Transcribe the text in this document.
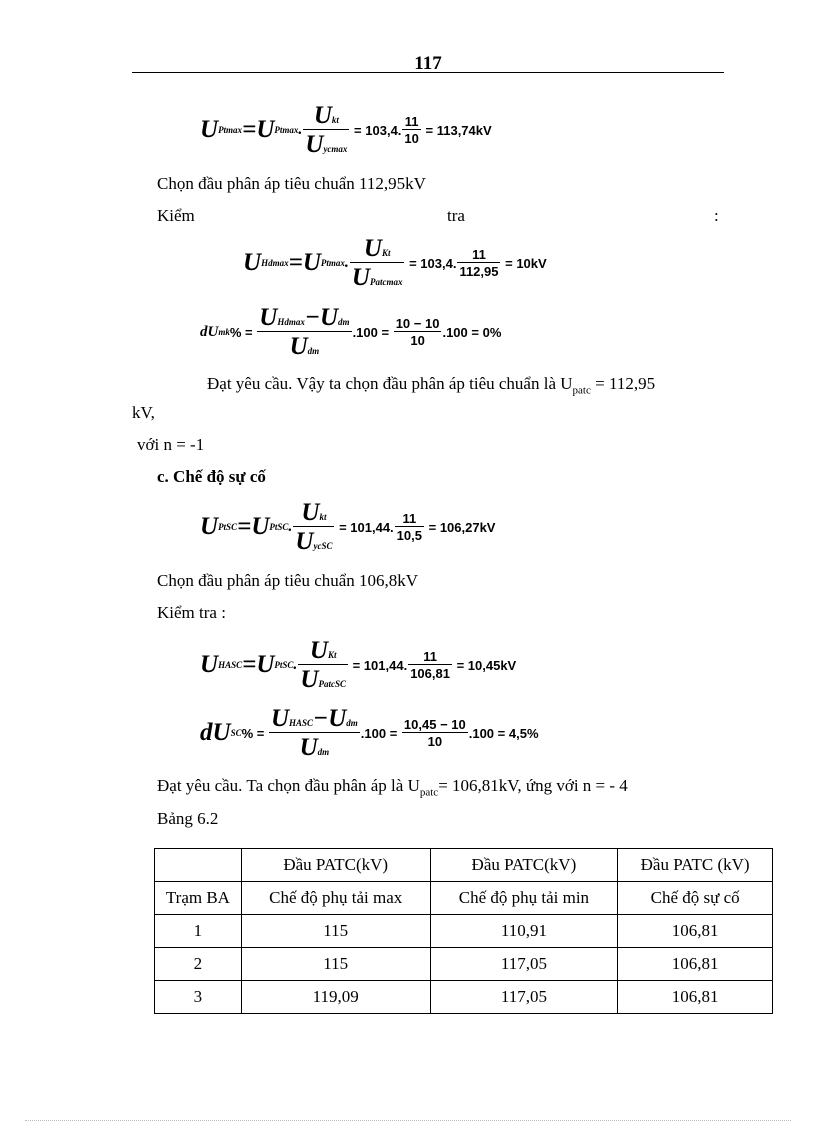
117
U Ptmax = U Ptmax . $\frac{\text{Ukt}}{\text{Uycmax}} = 103,4$. $\frac{11}{10} = 113,74kV$
Chọn đầu phân áp tiêu chuẩn 112,95kV
Kiểm	tra	:
U Hdmax = U Ptmax . $\frac{\text{UKt}}{\text{UPatcmax}} = 103,4$. $\frac{11}{112,95} = 10kV$
dU mk % = $\frac{\text{UHdmax−Udm}}{\text{Udm}} .100 = \frac{10 - 10}{10} .100 = 0\%$
Đạt yêu cầu. Vậy ta chọn đầu phân áp tiêu chuẩn là $U_{patc} = 112,95$
kV,
với n = -1
c. Chế độ sự cố
U PtSC = U PtSC . $\frac{\text{Ukt}}{\text{UycSC}} = 101,44$. $\frac{11}{10,5} = 106,27kV$
Chọn đầu phân áp tiêu chuẩn 106,8kV
Kiểm tra :
U HASC = U PtSC . $\frac{\text{UKt}}{\text{UPatcSC}} = 101,44$. $\frac{11}{106,81} = 10,45kV$
dU SC % = $\frac{\text{UHASC−Udm}}{\text{Udm}} .100 = \frac{10,45 - 10}{10} .100 = 4,5\%$
Đạt yêu cầu. Ta chọn đầu phân áp là $U_{patc}= 106,81kV$, ứng với n = - 4
Bảng 6.2
	Đầu PATC(kV)	Đầu PATC(kV)	Đầu PATC (kV)
Trạm BA	Chế độ phụ tải max	Chế độ phụ tải min	Chế độ sự cố
1	115	110,91	106,81
2	115	117,05	106,81
3	119,09	117,05	106,81
